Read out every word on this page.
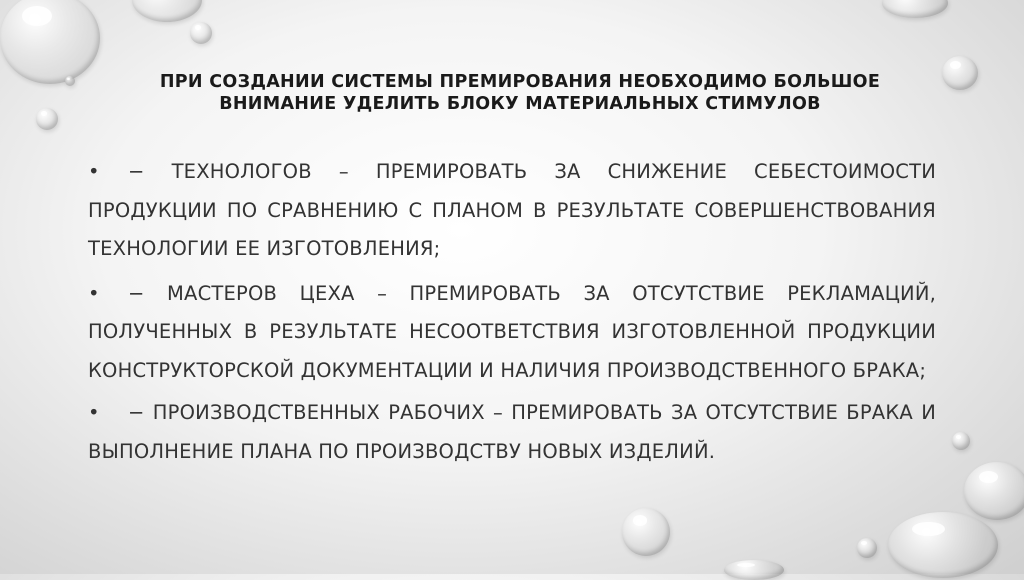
ПРИ СОЗДАНИИ СИСТЕМЫ ПРЕМИРОВАНИЯ НЕОБХОДИМО БОЛЬШОЕ
ВНИМАНИЕ УДЕЛИТЬ БЛОКУ МАТЕРИАЛЬНЫХ СТИМУЛОВ
•	− ТЕХНОЛОГОВ – ПРЕМИРОВАТЬ ЗА СНИЖЕНИЕ СЕБЕСТОИМОСТИ ПРОДУКЦИИ ПО СРАВНЕНИЮ С ПЛАНОМ В РЕЗУЛЬТАТЕ СОВЕРШЕНСТВОВАНИЯ ТЕХНОЛОГИИ ЕЕ ИЗГОТОВЛЕНИЯ;
•	− МАСТЕРОВ ЦЕХА – ПРЕМИРОВАТЬ ЗА ОТСУТСТВИЕ РЕКЛАМАЦИЙ, ПОЛУЧЕННЫХ В РЕЗУЛЬТАТЕ НЕСООТВЕТСТВИЯ ИЗГОТОВЛЕННОЙ ПРОДУКЦИИ КОНСТРУКТОРСКОЙ ДОКУМЕНТАЦИИ И НАЛИЧИЯ ПРОИЗВОДСТВЕННОГО БРАКА;
•	− ПРОИЗВОДСТВЕННЫХ РАБОЧИХ – ПРЕМИРОВАТЬ ЗА ОТСУТСТВИЕ БРАКА И ВЫПОЛНЕНИЕ ПЛАНА ПО ПРОИЗВОДСТВУ НОВЫХ ИЗДЕЛИЙ.
